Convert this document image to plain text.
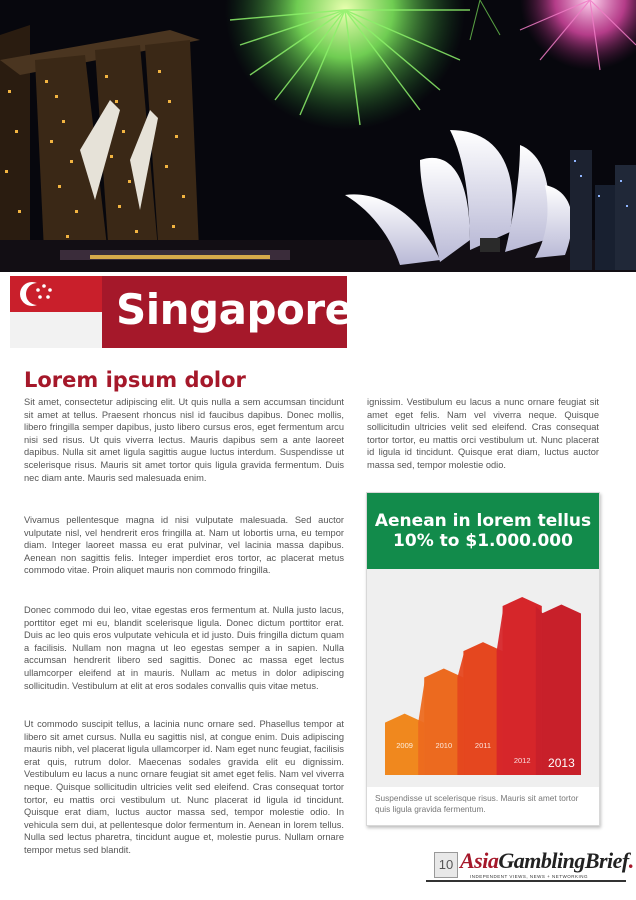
Singapore
Lorem ipsum dolor

Sit amet, consectetur adipiscing elit. Ut quis nulla a sem accumsan tincidunt sit amet at tellus. Praesent rhoncus nisl id faucibus dapibus. Donec mollis, libero fringilla semper dapibus, justo libero cursus eros, eget fermentum arcu nisi sed risus. Ut quis viverra lectus. Mauris dapibus sem a ante laoreet dapibus. Nulla sit amet ligula sagittis augue luctus interdum. Suspendisse ut scelerisque risus. Mauris sit amet tortor quis ligula gravida fermentum. Duis nec diam ante. Mauris sed malesuada enim.

Vivamus pellentesque magna id nisi vulputate malesuada. Sed auctor vulputate nisl, vel hendrerit eros fringilla at. Nam ut lobortis urna, eu tempor diam. Integer laoreet massa eu erat pulvinar, vel lacinia massa dapibus. Aenean non sagittis felis. Integer imperdiet eros tortor, ac placerat metus commodo vitae. Proin aliquet mauris non commodo fringilla.

Donec commodo dui leo, vitae egestas eros fermentum at. Nulla justo lacus, porttitor eget mi eu, blandit scelerisque ligula. Donec dictum porttitor erat. Duis ac leo quis eros vulputate vehicula et id justo. Duis fringilla dictum quam a facilisis. Nullam non magna ut leo egestas semper a in sapien. Nulla accumsan hendrerit libero sed sagittis. Donec ac massa eget lectus ullamcorper eleifend at in mauris. Nullam ac metus in dolor adipiscing sollicitudin. Vestibulum at elit at eros sodales convallis quis vitae metus.

Ut commodo suscipit tellus, a lacinia nunc ornare sed. Phasellus tempor at libero sit amet cursus. Nulla eu sagittis nisl, at congue enim. Duis adipiscing mauris nibh, vel placerat ligula ullamcorper id. Nam eget nunc feugiat, facilisis erat quis, rutrum dolor. Maecenas sodales gravida elit eu dignissim. Vestibulum eu lacus a nunc ornare feugiat sit amet eget felis. Nam vel viverra neque. Quisque sollicitudin ultricies velit sed eleifend. Cras consequat tortor tortor, eu mattis orci vestibulum ut. Nunc placerat id ligula id tincidunt. Quisque erat diam, luctus auctor massa sed, tempor molestie odio. In vehicula sem dui, at pellentesque dolor fermentum in. Aenean in lorem tellus. Nulla sed lectus pharetra, tincidunt augue et, molestie purus. Nullam ornare tempor metus sed blandit.

ignissim. Vestibulum eu lacus a nunc ornare feugiat sit amet eget felis. Nam vel viverra neque. Quisque sollicitudin ultricies velit sed eleifend. Cras consequat tortor tortor, eu mattis orci vestibulum ut. Nunc placerat id ligula id tincidunt. Quisque erat diam, luctus auctor massa sed, tempor molestie odio.

Aenean in lorem tellus
10% to $1.000.000
2009	2010	2011
2012 2013

Suspendisse ut scelerisque risus. Mauris sit amet tortor quis ligula gravida fermentum.

10 AsiaGamblingBrief.
INDEPENDENT VIEWS, NEWS + NETWORKING
